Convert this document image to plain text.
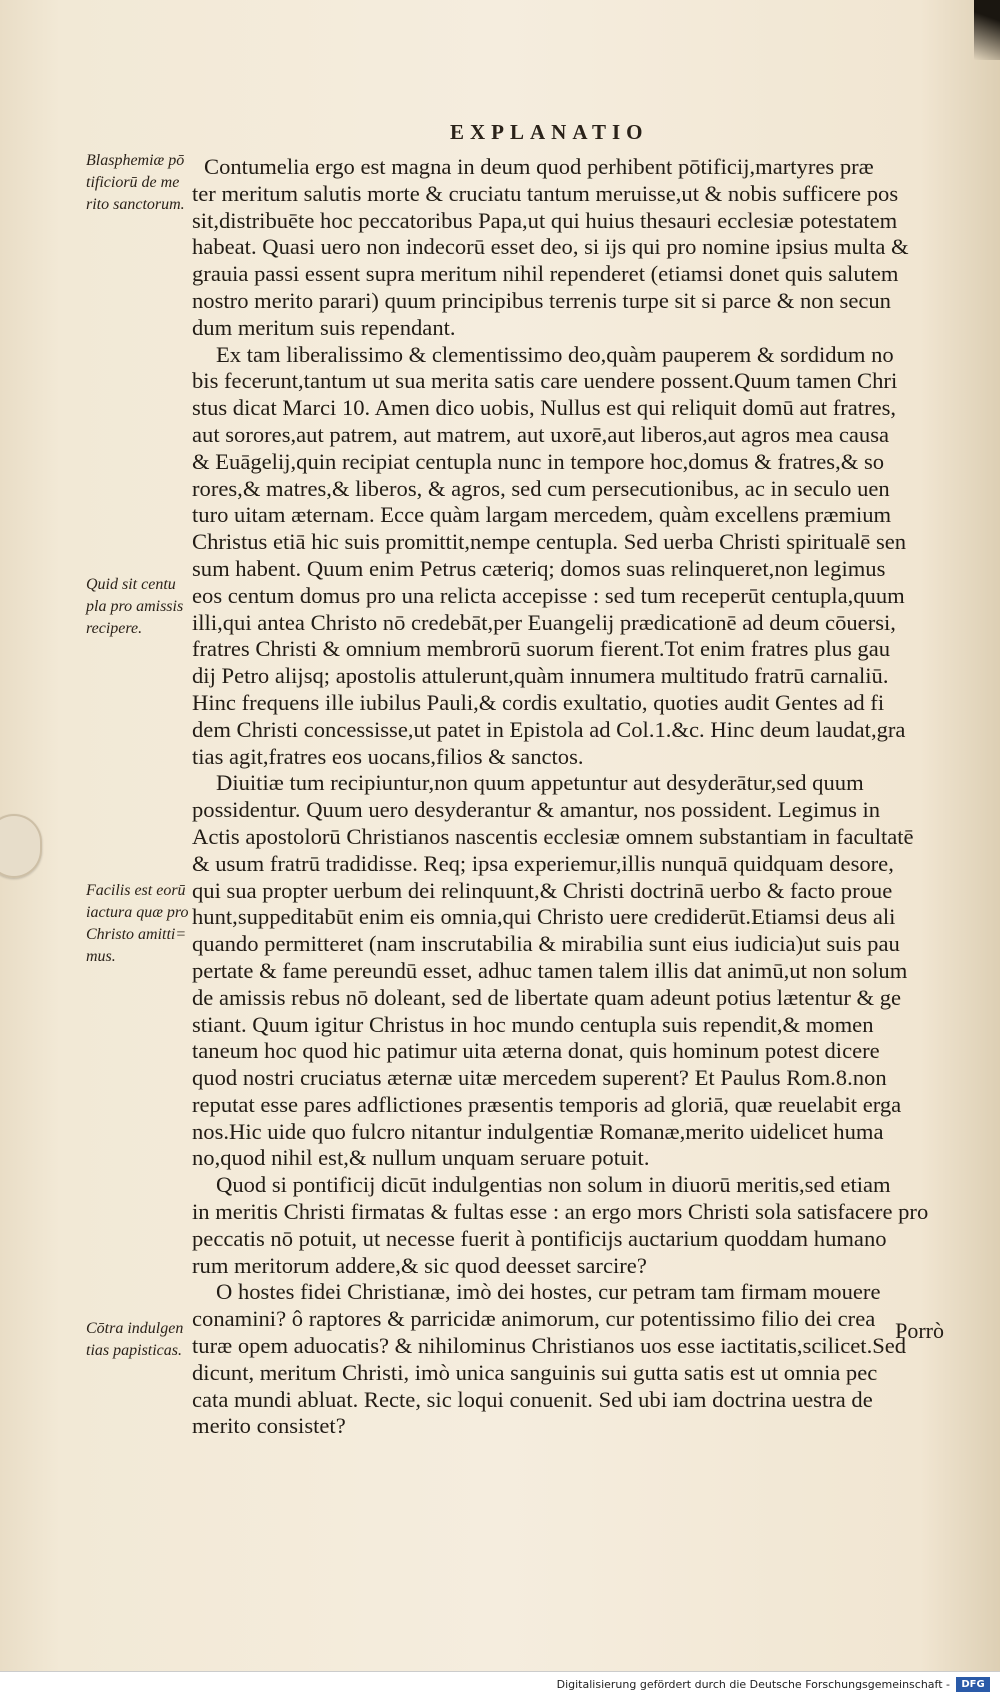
EXPLANATIO
Contumelia ergo est magna in deum quod perhibent pōtificij,martyres præ
ter meritum salutis morte & cruciatu tantum meruisse,ut & nobis sufficere pos
sit,distribuēte hoc peccatoribus Papa,ut qui huius thesauri ecclesiæ potestatem
habeat. Quasi uero non indecorū esset deo, si ijs qui pro nomine ipsius multa &
grauia passi essent supra meritum nihil rependeret (etiamsi donet quis salutem
nostro merito parari) quum principibus terrenis turpe sit si parce & non secun
dum meritum suis rependant.
Ex tam liberalissimo & clementissimo deo,quàm pauperem & sordidum no
bis fecerunt,tantum ut sua merita satis care uendere possent.Quum tamen Chri
stus dicat Marci 10. Amen dico uobis, Nullus est qui reliquit domū aut fratres,
aut sorores,aut patrem, aut matrem, aut uxorē,aut liberos,aut agros mea causa
& Euāgelij,quin recipiat centupla nunc in tempore hoc,domus & fratres,& so
rores,& matres,& liberos, & agros, sed cum persecutionibus, ac in seculo uen
turo uitam æternam. Ecce quàm largam mercedem, quàm excellens præmium
Christus etiā hic suis promittit,nempe centupla. Sed uerba Christi spiritualē sen
sum habent. Quum enim Petrus cæteriq; domos suas relinqueret,non legimus
eos centum domus pro una relicta accepisse : sed tum receperūt centupla,quum
illi,qui antea Christo nō credebāt,per Euangelij prædicationē ad deum cōuersi,
fratres Christi & omnium membrorū suorum fierent.Tot enim fratres plus gau
dij Petro alijsq; apostolis attulerunt,quàm innumera multitudo fratrū carnaliū.
Hinc frequens ille iubilus Pauli,& cordis exultatio, quoties audit Gentes ad fi
dem Christi concessisse,ut patet in Epistola ad Col.1.&c. Hinc deum laudat,gra
tias agit,fratres eos uocans,filios & sanctos.
Diuitiæ tum recipiuntur,non quum appetuntur aut desyderātur,sed quum
possidentur. Quum uero desyderantur & amantur, nos possident. Legimus in
Actis apostolorū Christianos nascentis ecclesiæ omnem substantiam in facultatē
& usum fratrū tradidisse. Req; ipsa experiemur,illis nunquā quidquam desore,
qui sua propter uerbum dei relinquunt,& Christi doctrinā uerbo & facto proue
hunt,suppeditabūt enim eis omnia,qui Christo uere crediderūt.Etiamsi deus ali
quando permitteret (nam inscrutabilia & mirabilia sunt eius iudicia)ut suis pau
pertate & fame pereundū esset, adhuc tamen talem illis dat animū,ut non solum
de amissis rebus nō doleant, sed de libertate quam adeunt potius lætentur & ge
stiant. Quum igitur Christus in hoc mundo centupla suis rependit,& momen
taneum hoc quod hic patimur uita æterna donat, quis hominum potest dicere
quod nostri cruciatus æternæ uitæ mercedem superent? Et Paulus Rom.8.non
reputat esse pares adflictiones præsentis temporis ad gloriā, quæ reuelabit erga
nos.Hic uide quo fulcro nitantur indulgentiæ Romanæ,merito uidelicet huma
no,quod nihil est,& nullum unquam seruare potuit.
Quod si pontificij dicūt indulgentias non solum in diuorū meritis,sed etiam
in meritis Christi firmatas & fultas esse : an ergo mors Christi sola satisfacere pro
peccatis nō potuit, ut necesse fuerit à pontificijs auctarium quoddam humano
rum meritorum addere,& sic quod deesset sarcire?
O hostes fidei Christianæ, imò dei hostes, cur petram tam firmam mouere
conamini? ô raptores & parricidæ animorum, cur potentissimo filio dei crea
turæ opem aduocatis? & nihilominus Christianos uos esse iactitatis,scilicet.Sed
dicunt, meritum Christi, imò unica sanguinis sui gutta satis est ut omnia pec
cata mundi abluat. Recte, sic loqui conuenit. Sed ubi iam doctrina uestra de
merito consistet?
Blasphemiæ pō
tificiorū de me
rito sanctorum.
Quid sit centu
pla pro amissis
recipere.
Facilis est eorū
iactura quæ pro
Christo amitti=
mus.
Cōtra indulgen
tias papisticas.
Porrò
Digitalisierung gefördert durch die Deutsche Forschungsgemeinschaft -	DFG
